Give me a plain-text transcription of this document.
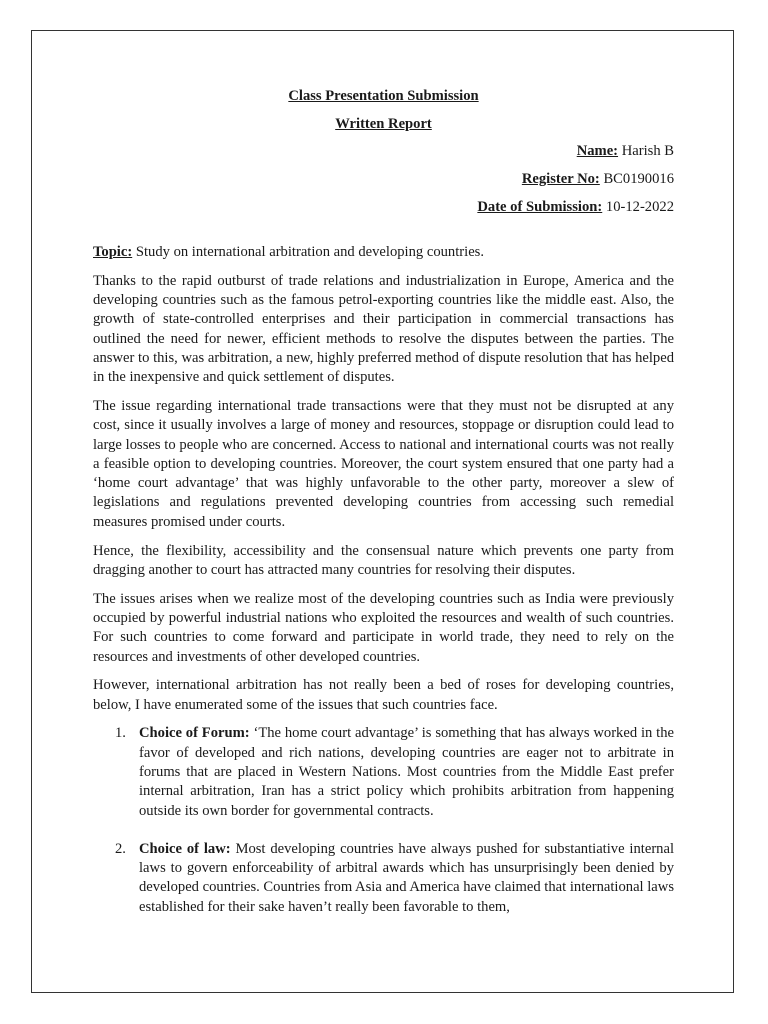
Class Presentation Submission

Written Report

Name: Harish B

Register No: BC0190016

Date of Submission: 10-12-2022

Topic: Study on international arbitration and developing countries.

Thanks to the rapid outburst of trade relations and industrialization in Europe, America and the developing countries such as the famous petrol-exporting countries like the middle east. Also, the growth of state-controlled enterprises and their participation in commercial transactions has outlined the need for newer, efficient methods to resolve the disputes between the parties. The answer to this, was arbitration, a new, highly preferred method of dispute resolution that has helped in the inexpensive and quick settlement of disputes.

The issue regarding international trade transactions were that they must not be disrupted at any cost, since it usually involves a large of money and resources, stoppage or disruption could lead to large losses to people who are concerned. Access to national and international courts was not really a feasible option to developing countries. Moreover, the court system ensured that one party had a ‘home court advantage’ that was highly unfavorable to the other party, moreover a slew of legislations and regulations prevented developing countries from accessing such remedial measures promised under courts.

Hence, the flexibility, accessibility and the consensual nature which prevents one party from dragging another to court has attracted many countries for resolving their disputes.

The issues arises when we realize most of the developing countries such as India were previously occupied by powerful industrial nations who exploited the resources and wealth of such countries. For such countries to come forward and participate in world trade, they need to rely on the resources and investments of other developed countries.

However, international arbitration has not really been a bed of roses for developing countries, below, I have enumerated some of the issues that such countries face.

1. Choice of Forum: ‘The home court advantage’ is something that has always worked in the favor of developed and rich nations, developing countries are eager not to arbitrate in forums that are placed in Western Nations. Most countries from the Middle East prefer internal arbitration, Iran has a strict policy which prohibits arbitration from happening outside its own border for governmental contracts.
2. Choice of law: Most developing countries have always pushed for substantiative internal laws to govern enforceability of arbitral awards which has unsurprisingly been denied by developed countries. Countries from Asia and America have claimed that international laws established for their sake haven’t really been favorable to them,
